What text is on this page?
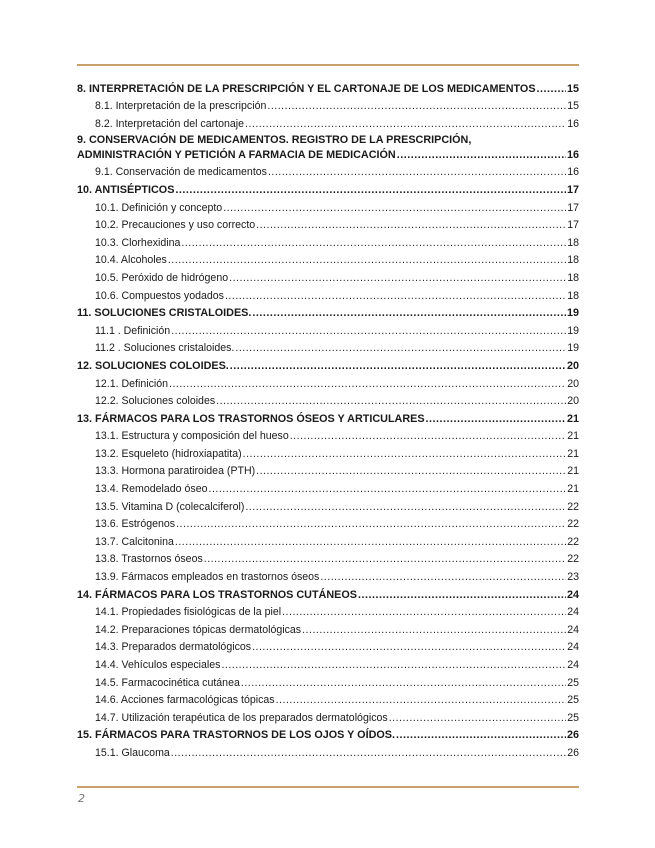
8. INTERPRETACIÓN DE LA PRESCRIPCIÓN Y EL CARTONAJE DE LOS MEDICAMENTOS .....	15
8.1. Interpretación de la prescripción .....	15
8.2. Interpretación del cartonaje .....	16
9. CONSERVACIÓN DE MEDICAMENTOS. REGISTRO DE LA PRESCRIPCIÓN,
ADMINISTRACIÓN Y PETICIÓN A FARMACIA DE MEDICACIÓN .....	16
9.1. Conservación de medicamentos .....	16
10. ANTISÉPTICOS .....	17
10.1. Definición y concepto .....	17
10.2. Precauciones y uso correcto .....	17
10.3. Clorhexidina .....	18
10.4. Alcoholes .....	18
10.5. Peróxido de hidrógeno .....	18
10.6. Compuestos yodados .....	18
11. SOLUCIONES CRISTALOIDES. .....	19
11.1 . Definición .....	19
11.2 . Soluciones cristaloides. .....	19
12. SOLUCIONES COLOIDES. .....	20
12.1. Definición .....	20
12.2. Soluciones coloides .....	20
13. FÁRMACOS PARA LOS TRASTORNOS ÓSEOS Y ARTICULARES .....	21
13.1. Estructura y composición del hueso .....	21
13.2. Esqueleto (hidroxiapatita) .....	21
13.3. Hormona paratiroidea (PTH) .....	21
13.4. Remodelado óseo .....	21
13.5. Vitamina D (colecalciferol) .....	22
13.6. Estrógenos .....	22
13.7. Calcitonina .....	22
13.8. Trastornos óseos .....	22
13.9. Fármacos empleados en trastornos óseos .....	23
14. FÁRMACOS PARA LOS TRASTORNOS CUTÁNEOS .....	24
14.1. Propiedades fisiológicas de la piel .....	24
14.2. Preparaciones tópicas dermatológicas .....	24
14.3. Preparados dermatológicos .....	24
14.4. Vehículos especiales .....	24
14.5. Farmacocinética cutánea .....	25
14.6. Acciones farmacológicas tópicas .....	25
14.7. Utilización terapéutica de los preparados dermatológicos .....	25
15. FÁRMACOS PARA TRASTORNOS DE LOS OJOS Y OÍDOS. .....	26
15.1. Glaucoma .....	26
2
